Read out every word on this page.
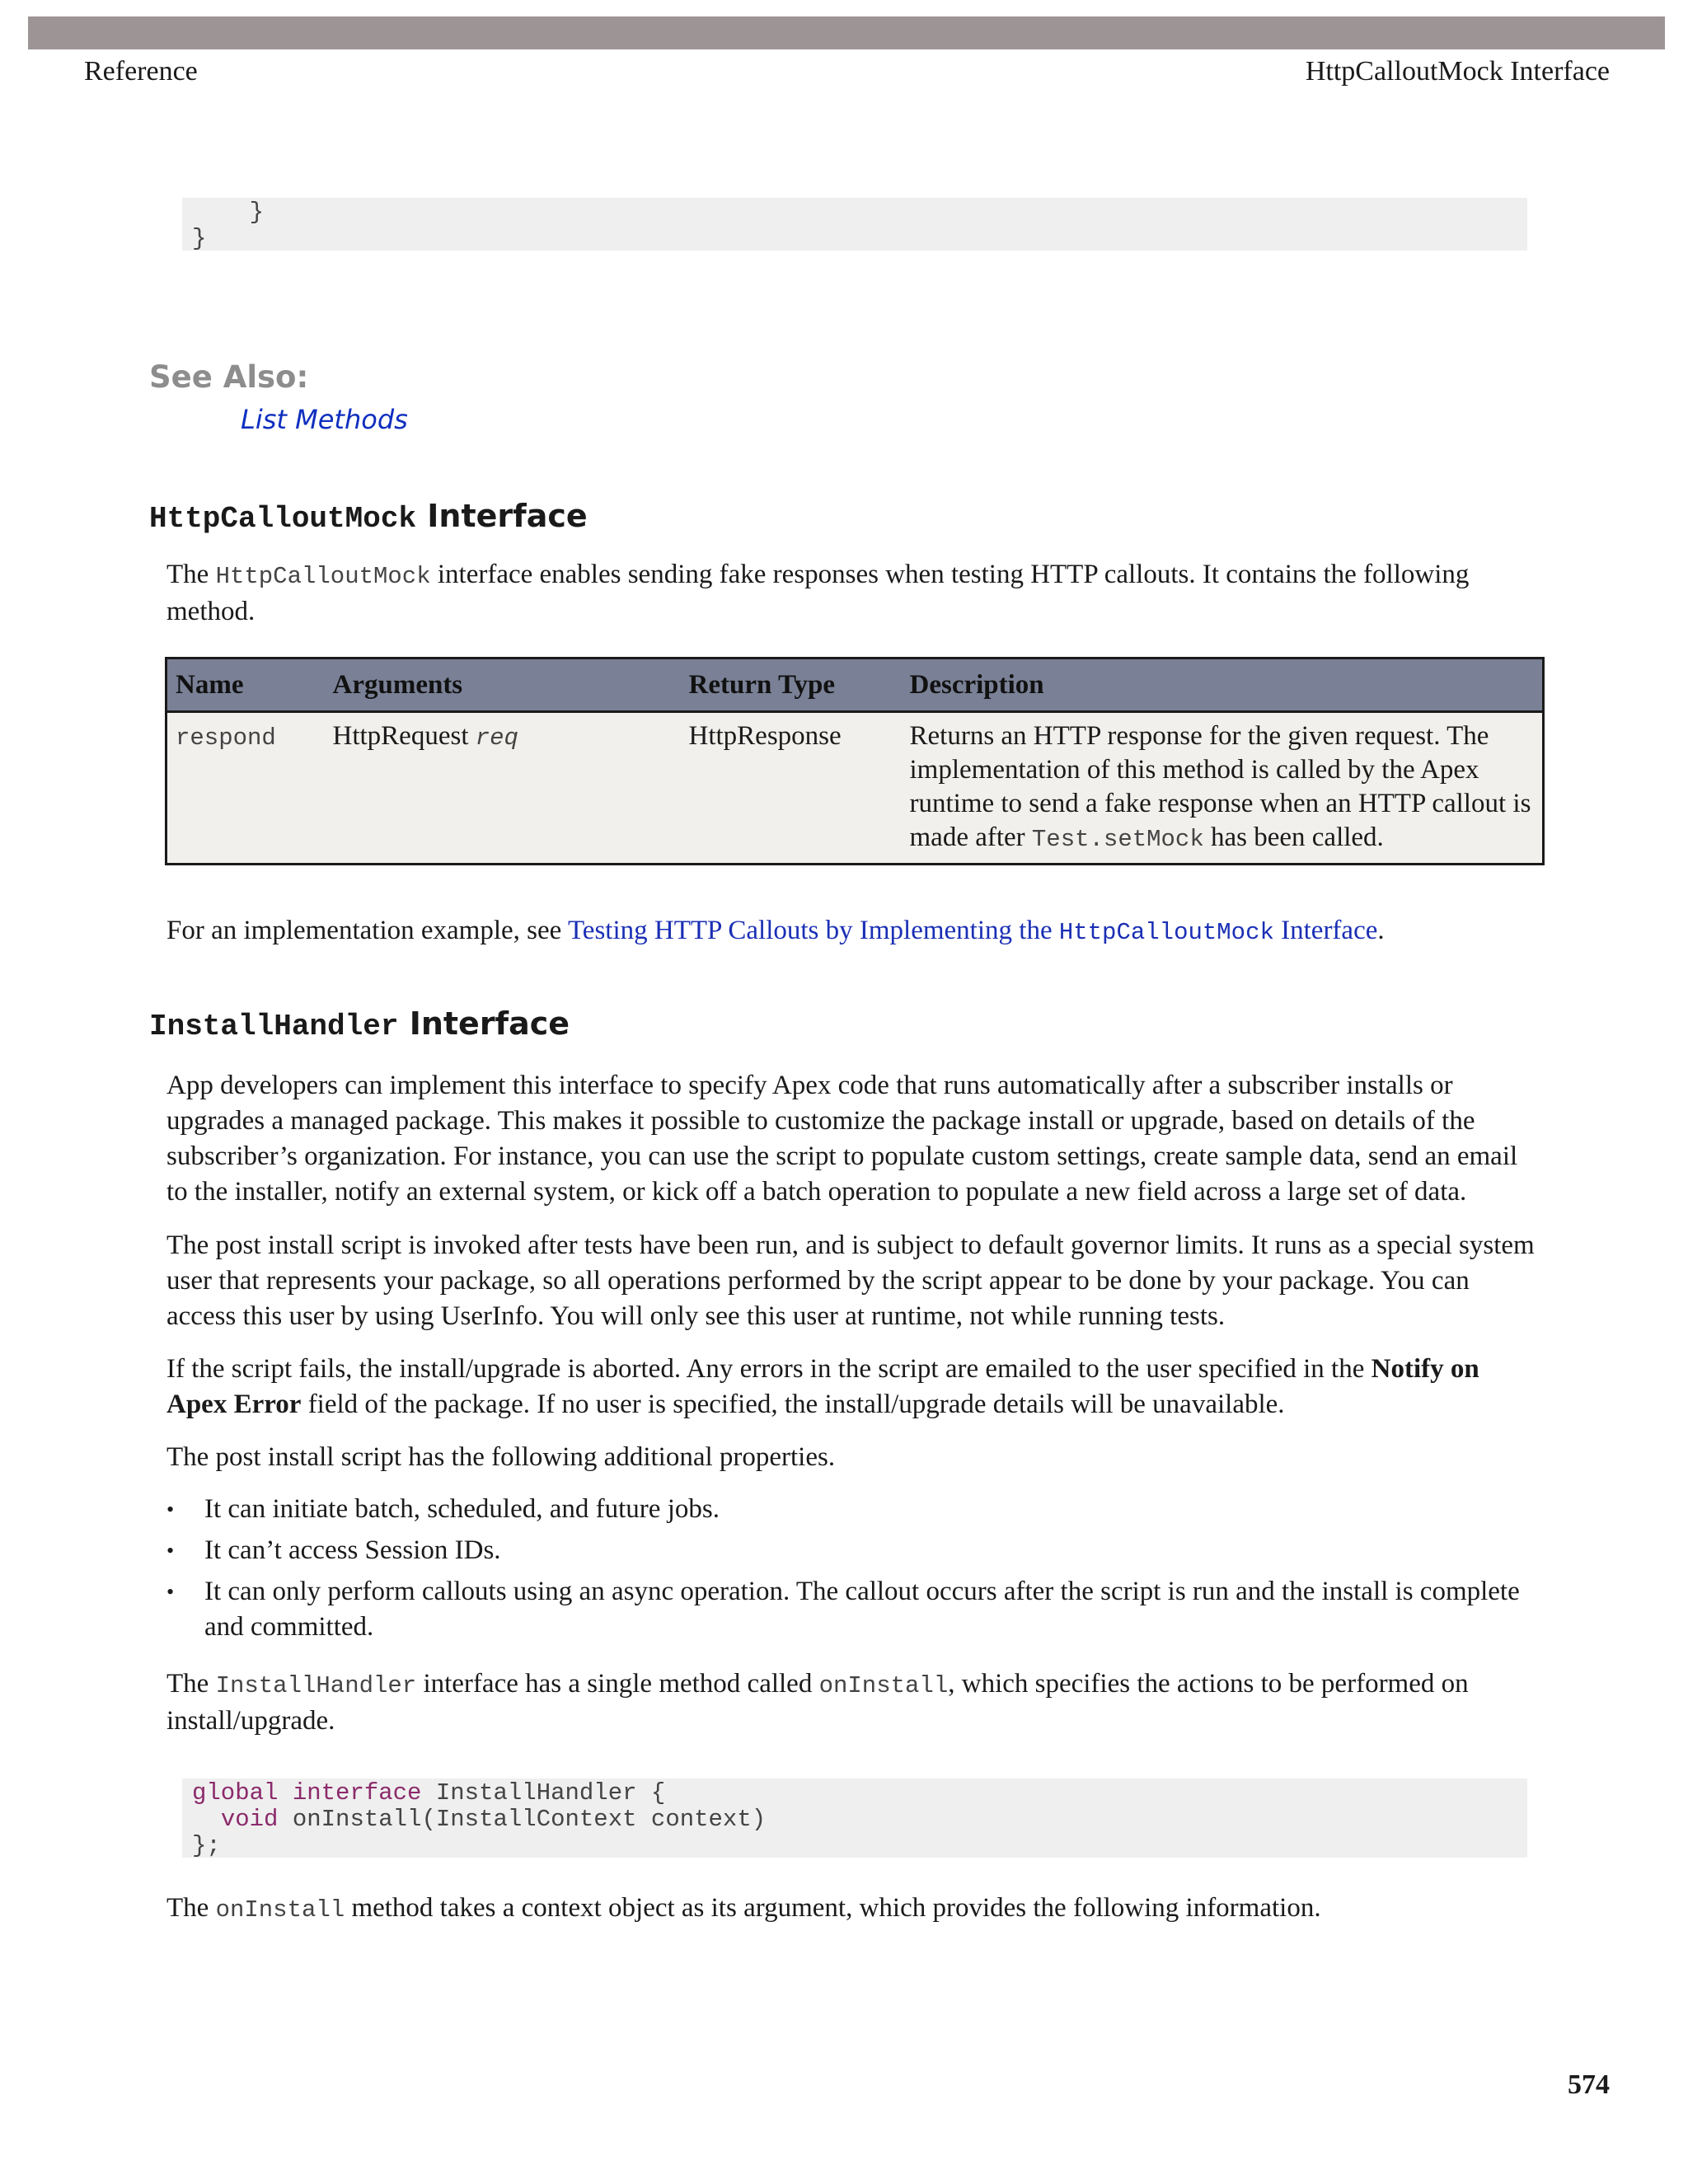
Reference	HttpCalloutMock Interface
}
}
See Also:
List Methods
HttpCalloutMock Interface
The HttpCalloutMock interface enables sending fake responses when testing HTTP callouts. It contains the following method.
Name	Arguments	Return Type	Description
respond	HttpRequest req	HttpResponse	Returns an HTTP response for the given request. The implementation of this method is called by the Apex runtime to send a fake response when an HTTP callout is made after Test.setMock has been called.
For an implementation example, see Testing HTTP Callouts by Implementing the HttpCalloutMock Interface.
InstallHandler Interface
App developers can implement this interface to specify Apex code that runs automatically after a subscriber installs or upgrades a managed package. This makes it possible to customize the package install or upgrade, based on details of the subscriber’s organization. For instance, you can use the script to populate custom settings, create sample data, send an email to the installer, notify an external system, or kick off a batch operation to populate a new field across a large set of data.
The post install script is invoked after tests have been run, and is subject to default governor limits. It runs as a special system user that represents your package, so all operations performed by the script appear to be done by your package. You can access this user by using UserInfo. You will only see this user at runtime, not while running tests.
If the script fails, the install/upgrade is aborted. Any errors in the script are emailed to the user specified in the Notify on Apex Error field of the package. If no user is specified, the install/upgrade details will be unavailable.
The post install script has the following additional properties.
• It can initiate batch, scheduled, and future jobs.
• It can’t access Session IDs.
• It can only perform callouts using an async operation. The callout occurs after the script is run and the install is complete and committed.
The InstallHandler interface has a single method called onInstall, which specifies the actions to be performed on install/upgrade.
global interface InstallHandler {
void onInstall(InstallContext context)
};
The onInstall method takes a context object as its argument, which provides the following information.
574
